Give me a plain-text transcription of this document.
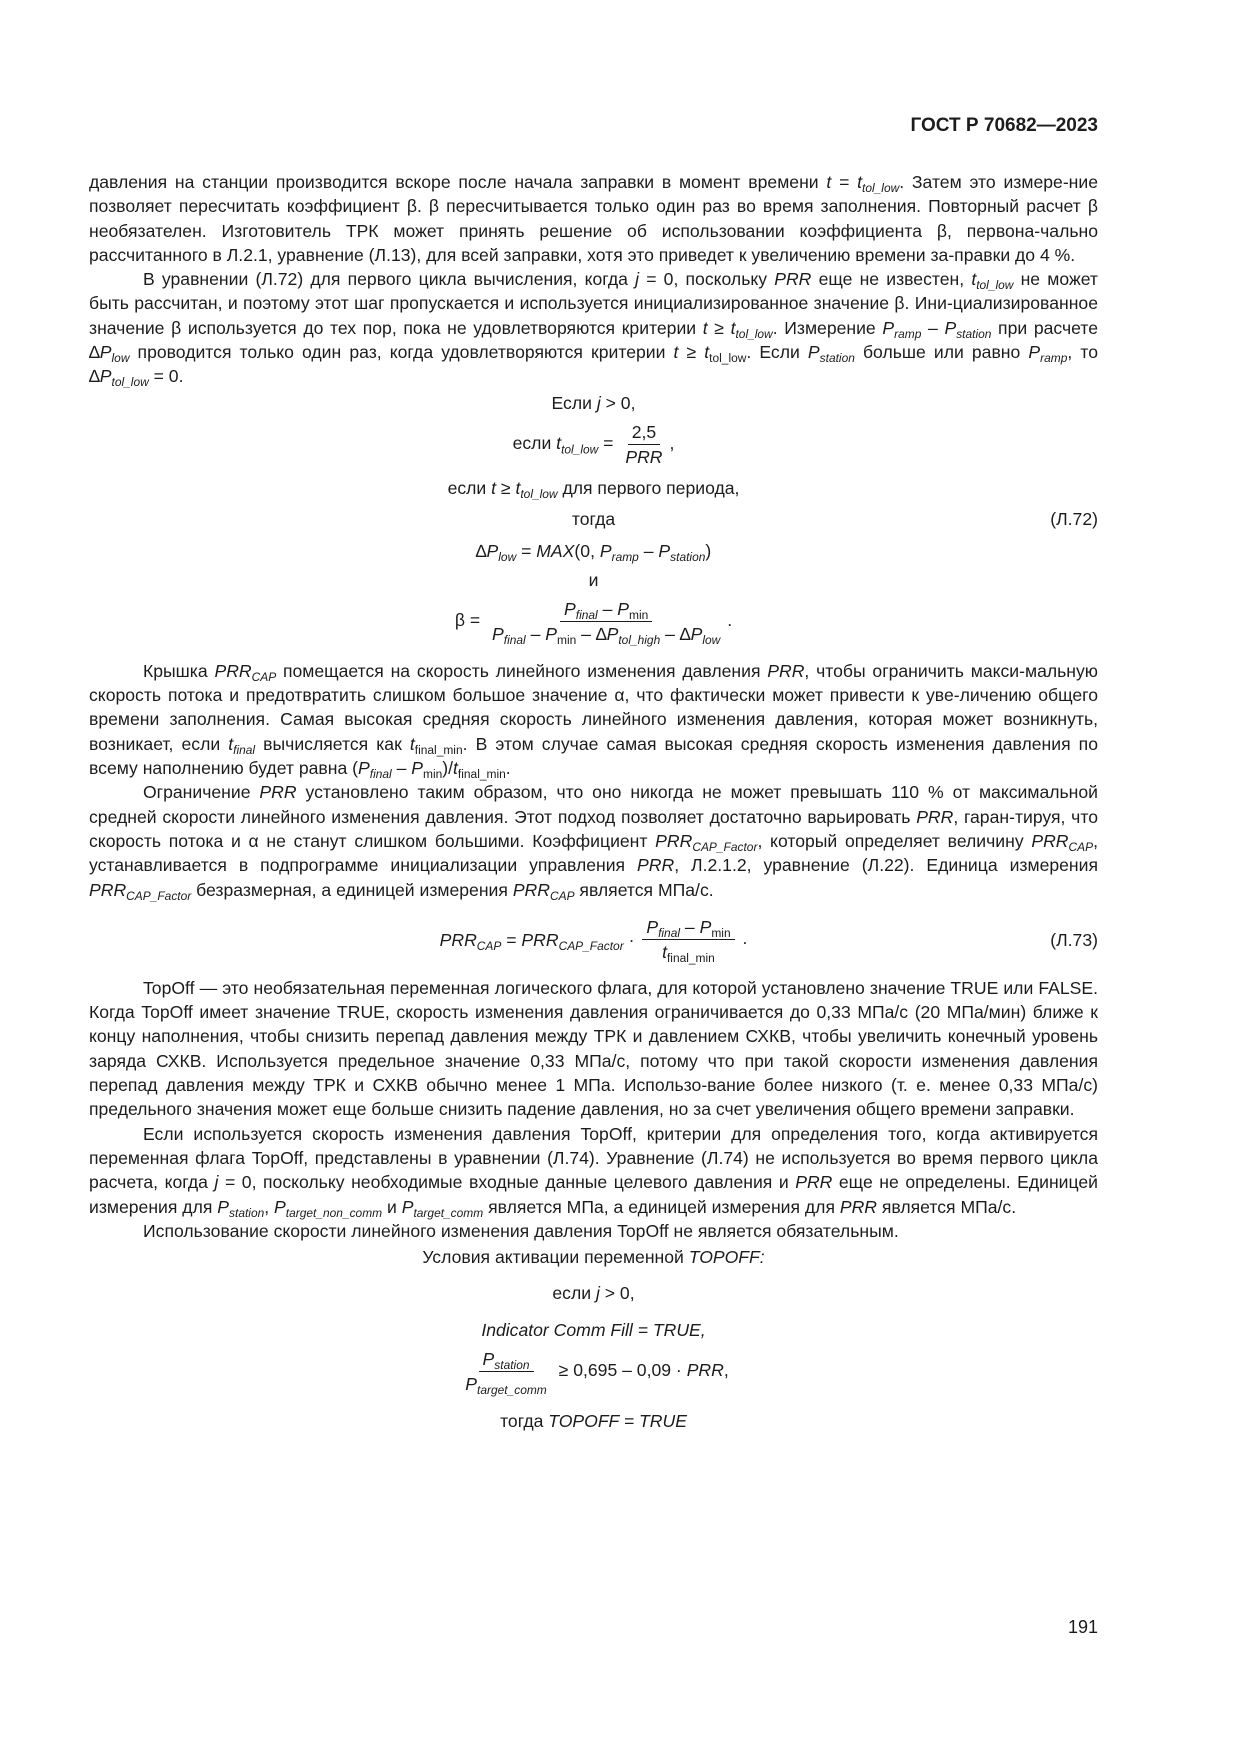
ГОСТ Р 70682—2023

давления на станции производится вскоре после начала заправки в момент времени $t = t_{tol\_low}$. Затем это измере-ние позволяет пересчитать коэффициент β. β пересчитывается только один раз во время заполнения. Повторный расчет β необязателен. Изготовитель ТРК может принять решение об использовании коэффициента β, первона-чально рассчитанного в Л.2.1, уравнение (Л.13), для всей заправки, хотя это приведет к увеличению времени за-правки до 4 %.

В уравнении (Л.72) для первого цикла вычисления, когда j = 0, поскольку PRR еще не известен, $t_{tol\_low}$ не может быть рассчитан, и поэтому этот шаг пропускается и используется инициализированное значение β. Ини-циализированное значение β используется до тех пор, пока не удовлетворяются критерии $t \ge t_{tol\_low}$. Измерение $P_{ramp} - P_{station}$ при расчете $\Delta P_{low}$ проводится только один раз, когда удовлетворяются критерии $t \ge t_{tol\_low}$. Если $P_{station}$ больше или равно $P_{ramp}$, то $\Delta P_{tol\_low} = 0$.

Если j > 0,
если $t_{tol\_low} = \frac{2,5}{\text{PRR}}$ ,
если $t \ge t_{tol\_low}$ для первого периода,
тогда	(Л.72)
$\Delta P_{low} = MAX(0$, $P_{ramp} - P_{station}$)
и
$\beta = \frac{P_{final} - P_{min}}{P_{final} - P_{min} - \Delta P_{tol\_high} - \Delta P_{low}}$ .

Крышка $PRR_{CAP}$ помещается на скорость линейного изменения давления PRR, чтобы ограничить макси-мальную скорость потока и предотвратить слишком большое значение α, что фактически может привести к уве-личению общего времени заполнения. Самая высокая средняя скорость линейного изменения давления, которая может возникнуть, возникает, если $t_{final}$ вычисляется как $t_{final\_min}$. В этом случае самая высокая средняя скорость изменения давления по всему наполнению будет равна $(P_{final} - P_{min})/t_{final\_min}$.

Ограничение PRR установлено таким образом, что оно никогда не может превышать 110 % от максимальной средней скорости линейного изменения давления. Этот подход позволяет достаточно варьировать PRR, гаран-тируя, что скорость потока и α не станут слишком большими. Коэффициент $PRR_{CAP\_Factor}$, который определяет величину $PRR_{CAP}$, устанавливается в подпрограмме инициализации управления PRR, Л.2.1.2, уравнение (Л.22). Единица измерения $PRR_{CAP\_Factor}$ безразмерная, а единицей измерения $PRR_{CAP}$ является МПа/с.

$PRR_{CAP} = PRR_{CAP\_Factor} \cdot \frac{P_{final} - P_{min}}{t_{final\_min}}$ .	(Л.73)

TopOff — это необязательная переменная логического флага, для которой установлено значение TRUE или FALSE. Когда TopOff имеет значение TRUE, скорость изменения давления ограничивается до 0,33 МПа/с (20 МПа/мин) ближе к концу наполнения, чтобы снизить перепад давления между ТРК и давлением СХКВ, чтобы увеличить конечный уровень заряда СХКВ. Используется предельное значение 0,33 МПа/с, потому что при такой скорости изменения давления перепад давления между ТРК и СХКВ обычно менее 1 МПа. Использо-вание более низкого (т. е. менее 0,33 МПа/с) предельного значения может еще больше снизить падение давления, но за счет увеличения общего времени заправки.

Если используется скорость изменения давления TopOff, критерии для определения того, когда активируется переменная флага TopOff, представлены в уравнении (Л.74). Уравнение (Л.74) не используется во время первого цикла расчета, когда j = 0, поскольку необходимые входные данные целевого давления и PRR еще не определены. Единицей измерения для $P_{station}$, $P_{target\_non\_comm}$ и $P_{target\_comm}$ является МПа, а единицей измерения для PRR является МПа/с.

Использование скорости линейного изменения давления TopOff не является обязательным.

Условия активации переменной TOPOFF:
если j > 0,
Indicator Comm Fill = TRUE,
$\frac{P_{station}}{P_{target\_comm}} \ge 0,695 - 0,09$ · PRR,
тогда TOPOFF = TRUE
191
